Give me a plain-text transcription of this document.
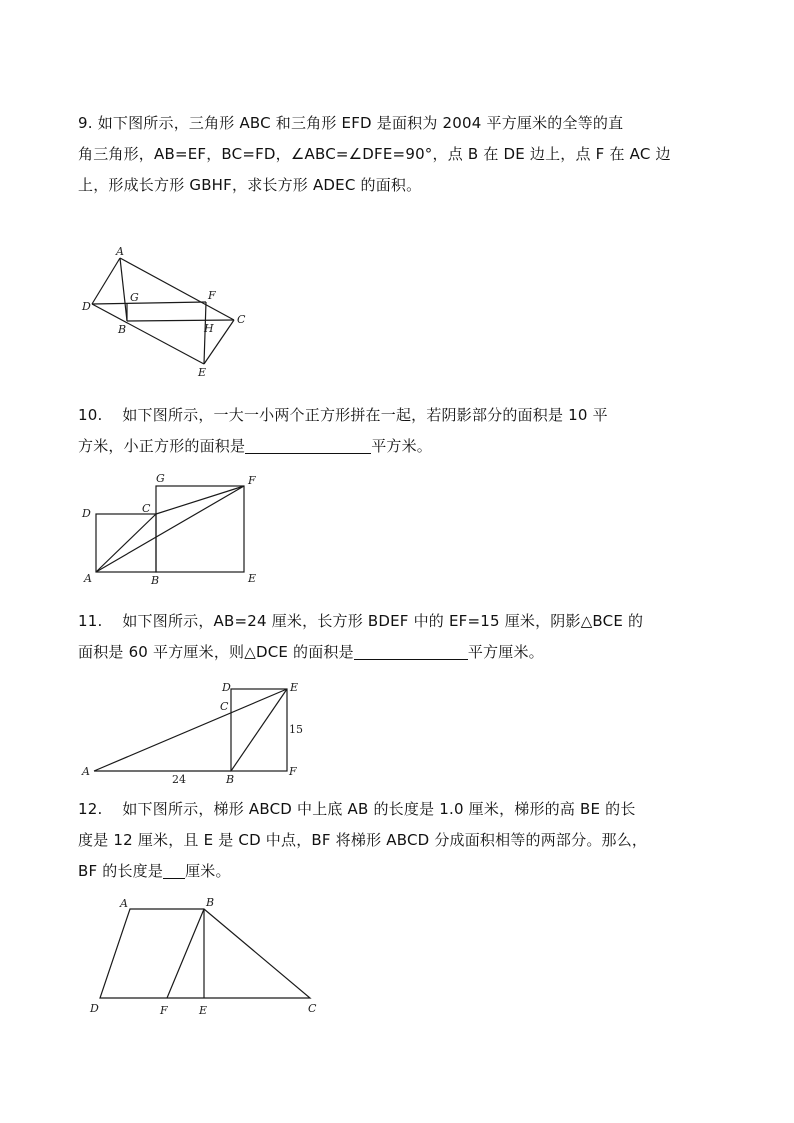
9. 如下图所示，三角形 ABC 和三角形 EFD 是面积为 2004 平方厘米的全等的直
角三角形，AB=EF，BC=FD，∠ABC=∠DFE=90°，点 B 在 DE 边上，点 F 在 AC 边
上，形成长方形 GBHF，求长方形 ADEC 的面积。

A
D
G	F
C
B	H
E

10. 如下图所示，一大一小两个正方形拼在一起，若阴影部分的面积是 10 平
方米，小正方形的面积是	平方米。

G	F
D	C
A	B	E

11. 如下图所示，AB=24 厘米，长方形 BDEF 中的 EF=15 厘米，阴影△BCE 的
面积是 60 平方厘米，则△DCE 的面积是	平方厘米。

D	E
C
A
B
F
24
15

12. 如下图所示，梯形 ABCD 中上底 AB 的长度是 1.0 厘米，梯形的高 BE 的长
度是 12 厘米，且 E 是 CD 中点，BF 将梯形 ABCD 分成面积相等的两部分。那么，
BF 的长度是 厘米。

A	B
D	F	E	C
